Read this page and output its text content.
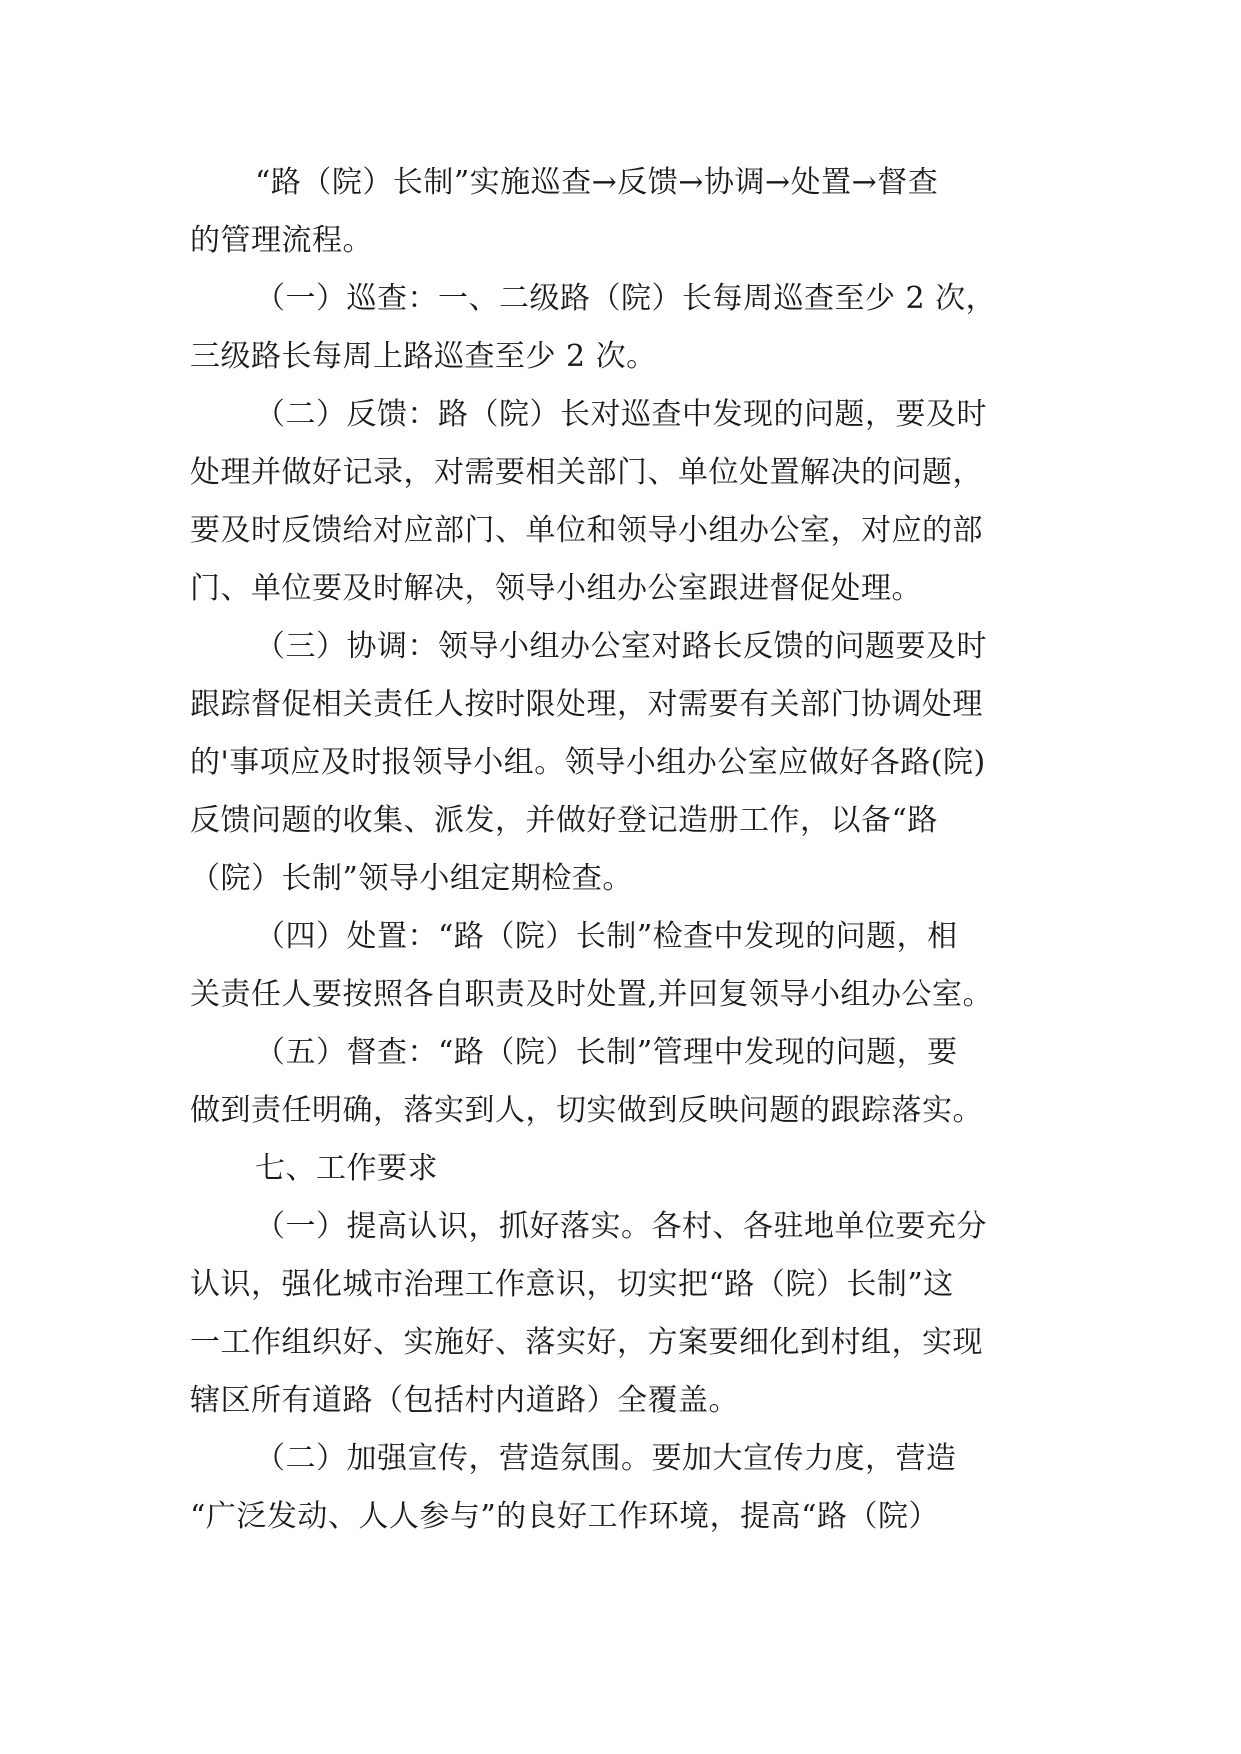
“路（院）长制”实施巡查→反馈→协调→处置→督查
的管理流程。
（一）巡查：一、二级路（院）长每周巡查至少 2 次，
三级路长每周上路巡查至少 2 次。
（二）反馈：路（院）长对巡查中发现的问题，要及时
处理并做好记录，对需要相关部门、单位处置解决的问题，
要及时反馈给对应部门、单位和领导小组办公室，对应的部
门、单位要及时解决，领导小组办公室跟进督促处理。
（三）协调：领导小组办公室对路长反馈的问题要及时
跟踪督促相关责任人按时限处理，对需要有关部门协调处理
的'事项应及时报领导小组。领导小组办公室应做好各路(院)
反馈问题的收集、派发，并做好登记造册工作，以备“路
（院）长制”领导小组定期检查。
（四）处置：“路（院）长制”检查中发现的问题，相
关责任人要按照各自职责及时处置,并回复领导小组办公室。
（五）督查：“路（院）长制”管理中发现的问题，要
做到责任明确，落实到人，切实做到反映问题的跟踪落实。
七、工作要求
（一）提高认识，抓好落实。各村、各驻地单位要充分
认识，强化城市治理工作意识，切实把“路（院）长制”这
一工作组织好、实施好、落实好，方案要细化到村组，实现
辖区所有道路（包括村内道路）全覆盖。
（二）加强宣传，营造氛围。要加大宣传力度，营造
“广泛发动、人人参与”的良好工作环境，提高“路（院）
